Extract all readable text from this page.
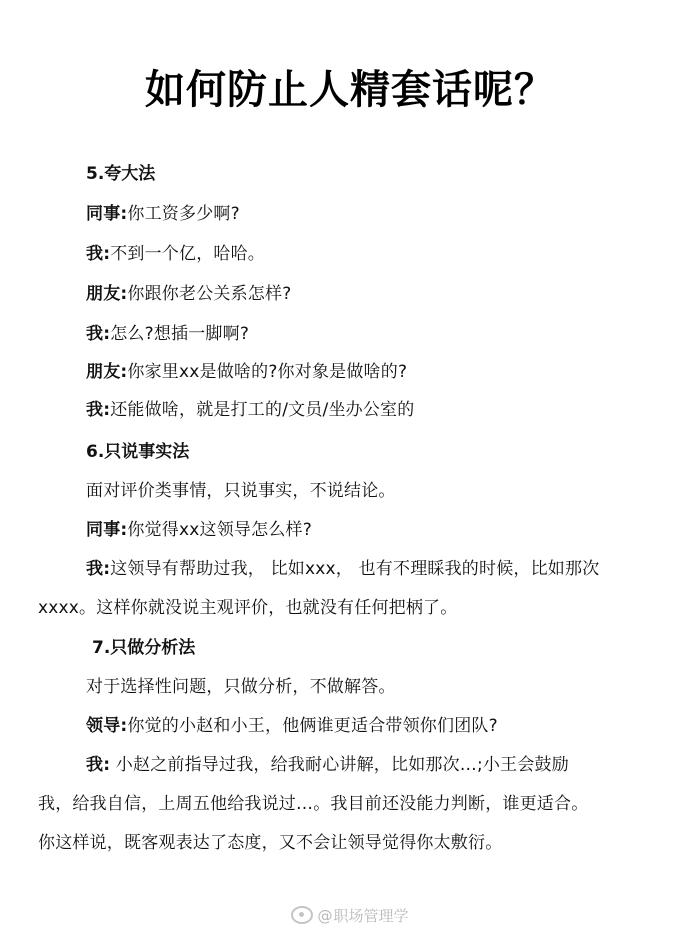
如何防止人精套话呢？
5.夸大法
同事:你工资多少啊?
我:不到一个亿，哈哈。
朋友:你跟你老公关系怎样?
我:怎么?想插一脚啊?
朋友:你家里xx是做啥的?你对象是做啥的?
我:还能做啥，就是打工的/文员/坐办公室的
6.只说事实法
面对评价类事情，只说事实，不说结论。
同事:你觉得xx这领导怎么样?
我:这领导有帮助过我， 比如xxx， 也有不理睬我的时候，比如那次
xxxx。这样你就没说主观评价，也就没有任何把柄了。
7.只做分析法
对于选择性问题，只做分析，不做解答。
领导:你觉的小赵和小王，他俩谁更适合带领你们团队?
我: 小赵之前指导过我，给我耐心讲解，比如那次…;小王会鼓励
我，给我自信，上周五他给我说过…。我目前还没能力判断，谁更适合。
你这样说，既客观表达了态度，又不会让领导觉得你太敷衍。
@职场管理学
